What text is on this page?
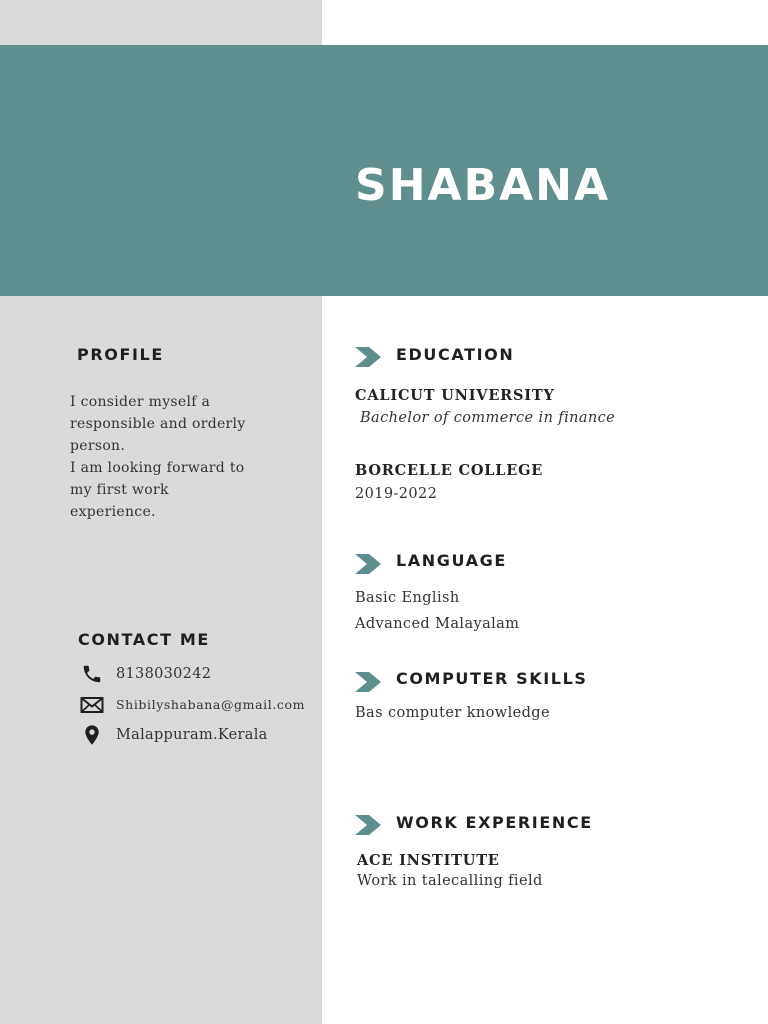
SHABANA
PROFILE
I consider myself a
responsible and orderly
person.
I am looking forward to
my first work
experience.
CONTACT ME
8138030242
Shibilyshabana@gmail.com
Malappuram.Kerala
EDUCATION
CALICUT UNIVERSITY
Bachelor of commerce in finance
BORCELLE COLLEGE
2019-2022
LANGUAGE
Basic English
Advanced Malayalam
COMPUTER SKILLS
Bas computer knowledge
WORK EXPERIENCE
ACE INSTITUTE
Work in talecalling field
